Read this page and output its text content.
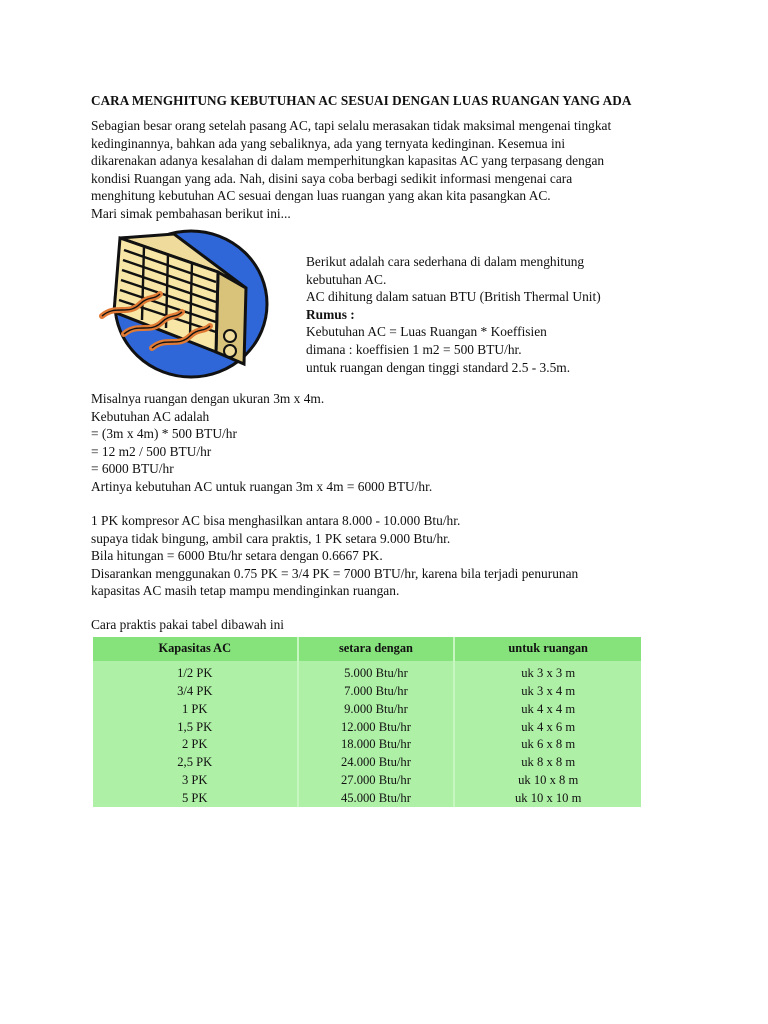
CARA MENGHITUNG KEBUTUHAN AC SESUAI DENGAN LUAS RUANGAN YANG ADA
Sebagian besar orang setelah pasang AC, tapi selalu merasakan tidak maksimal mengenai tingkat
kedinginannya, bahkan ada yang sebaliknya, ada yang ternyata kedinginan. Kesemua ini
dikarenakan adanya kesalahan di dalam memperhitungkan kapasitas AC yang terpasang dengan
kondisi Ruangan yang ada. Nah, disini saya coba berbagi sedikit informasi mengenai cara
menghitung kebutuhan AC sesuai dengan luas ruangan yang akan kita pasangkan AC.
Mari simak pembahasan berikut ini...
Berikut adalah cara sederhana di dalam menghitung
kebutuhan AC.
AC dihitung dalam satuan BTU (British Thermal Unit)
Rumus :
Kebutuhan AC = Luas Ruangan * Koeffisien
dimana : koeffisien 1 m2 = 500 BTU/hr.
untuk ruangan dengan tinggi standard 2.5 - 3.5m.
Misalnya ruangan dengan ukuran 3m x 4m.
Kebutuhan AC adalah
= (3m x 4m) * 500 BTU/hr
= 12 m2 / 500 BTU/hr
= 6000 BTU/hr
Artinya kebutuhan AC untuk ruangan 3m x 4m = 6000 BTU/hr.
1 PK kompresor AC bisa menghasilkan antara 8.000 - 10.000 Btu/hr.
supaya tidak bingung, ambil cara praktis, 1 PK setara 9.000 Btu/hr.
Bila hitungan = 6000 Btu/hr setara dengan 0.6667 PK.
Disarankan menggunakan 0.75 PK = 3/4 PK = 7000 BTU/hr, karena bila terjadi penurunan
kapasitas AC masih tetap mampu mendinginkan ruangan.
Cara praktis pakai tabel dibawah ini
Kapasitas AC	setara dengan	untuk ruangan
1/2 PK	5.000 Btu/hr	uk 3 x 3 m
3/4 PK	7.000 Btu/hr	uk 3 x 4 m
1 PK	9.000 Btu/hr	uk 4 x 4 m
1,5 PK	12.000 Btu/hr	uk 4 x 6 m
2 PK	18.000 Btu/hr	uk 6 x 8 m
2,5 PK	24.000 Btu/hr	uk 8 x 8 m
3 PK	27.000 Btu/hr	uk 10 x 8 m
5 PK	45.000 Btu/hr	uk 10 x 10 m
